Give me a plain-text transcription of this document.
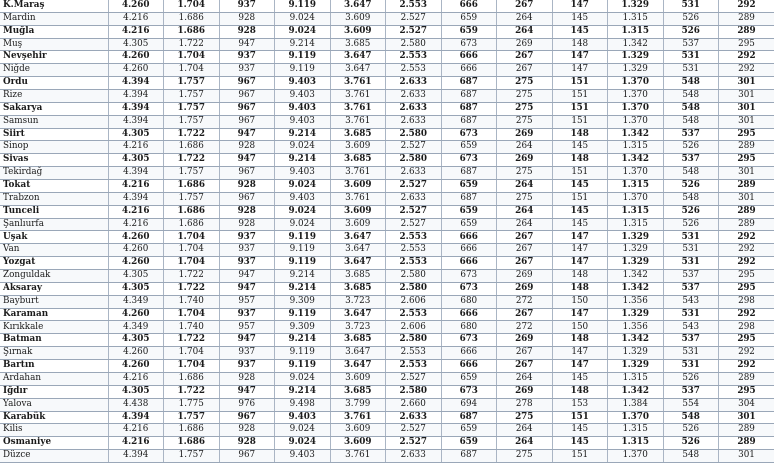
K.Maraş	4.260	1.704	937	9.119	3.647	2.553	666	267	147	1.329	531	292
Mardin	4.216	1.686	928	9.024	3.609	2.527	659	264	145	1.315	526	289
Muğla	4.216	1.686	928	9.024	3.609	2.527	659	264	145	1.315	526	289
Muş	4.305	1.722	947	9.214	3.685	2.580	673	269	148	1.342	537	295
Nevşehir	4.260	1.704	937	9.119	3.647	2.553	666	267	147	1.329	531	292
Niğde	4.260	1.704	937	9.119	3.647	2.553	666	267	147	1.329	531	292
Ordu	4.394	1.757	967	9.403	3.761	2.633	687	275	151	1.370	548	301
Rize	4.394	1.757	967	9.403	3.761	2.633	687	275	151	1.370	548	301
Sakarya	4.394	1.757	967	9.403	3.761	2.633	687	275	151	1.370	548	301
Samsun	4.394	1.757	967	9.403	3.761	2.633	687	275	151	1.370	548	301
Siirt	4.305	1.722	947	9.214	3.685	2.580	673	269	148	1.342	537	295
Sinop	4.216	1.686	928	9.024	3.609	2.527	659	264	145	1.315	526	289
Sivas	4.305	1.722	947	9.214	3.685	2.580	673	269	148	1.342	537	295
Tekirdağ	4.394	1.757	967	9.403	3.761	2.633	687	275	151	1.370	548	301
Tokat	4.216	1.686	928	9.024	3.609	2.527	659	264	145	1.315	526	289
Trabzon	4.394	1.757	967	9.403	3.761	2.633	687	275	151	1.370	548	301
Tunceli	4.216	1.686	928	9.024	3.609	2.527	659	264	145	1.315	526	289
Şanlıurfa	4.216	1.686	928	9.024	3.609	2.527	659	264	145	1.315	526	289
Uşak	4.260	1.704	937	9.119	3.647	2.553	666	267	147	1.329	531	292
Van	4.260	1.704	937	9.119	3.647	2.553	666	267	147	1.329	531	292
Yozgat	4.260	1.704	937	9.119	3.647	2.553	666	267	147	1.329	531	292
Zonguldak	4.305	1.722	947	9.214	3.685	2.580	673	269	148	1.342	537	295
Aksaray	4.305	1.722	947	9.214	3.685	2.580	673	269	148	1.342	537	295
Bayburt	4.349	1.740	957	9.309	3.723	2.606	680	272	150	1.356	543	298
Karaman	4.260	1.704	937	9.119	3.647	2.553	666	267	147	1.329	531	292
Kırıkkale	4.349	1.740	957	9.309	3.723	2.606	680	272	150	1.356	543	298
Batman	4.305	1.722	947	9.214	3.685	2.580	673	269	148	1.342	537	295
Şırnak	4.260	1.704	937	9.119	3.647	2.553	666	267	147	1.329	531	292
Bartın	4.260	1.704	937	9.119	3.647	2.553	666	267	147	1.329	531	292
Ardahan	4.216	1.686	928	9.024	3.609	2.527	659	264	145	1.315	526	289
Iğdır	4.305	1.722	947	9.214	3.685	2.580	673	269	148	1.342	537	295
Yalova	4.438	1.775	976	9.498	3.799	2.660	694	278	153	1.384	554	304
Karabük	4.394	1.757	967	9.403	3.761	2.633	687	275	151	1.370	548	301
Kilis	4.216	1.686	928	9.024	3.609	2.527	659	264	145	1.315	526	289
Osmaniye	4.216	1.686	928	9.024	3.609	2.527	659	264	145	1.315	526	289
Düzce	4.394	1.757	967	9.403	3.761	2.633	687	275	151	1.370	548	301
